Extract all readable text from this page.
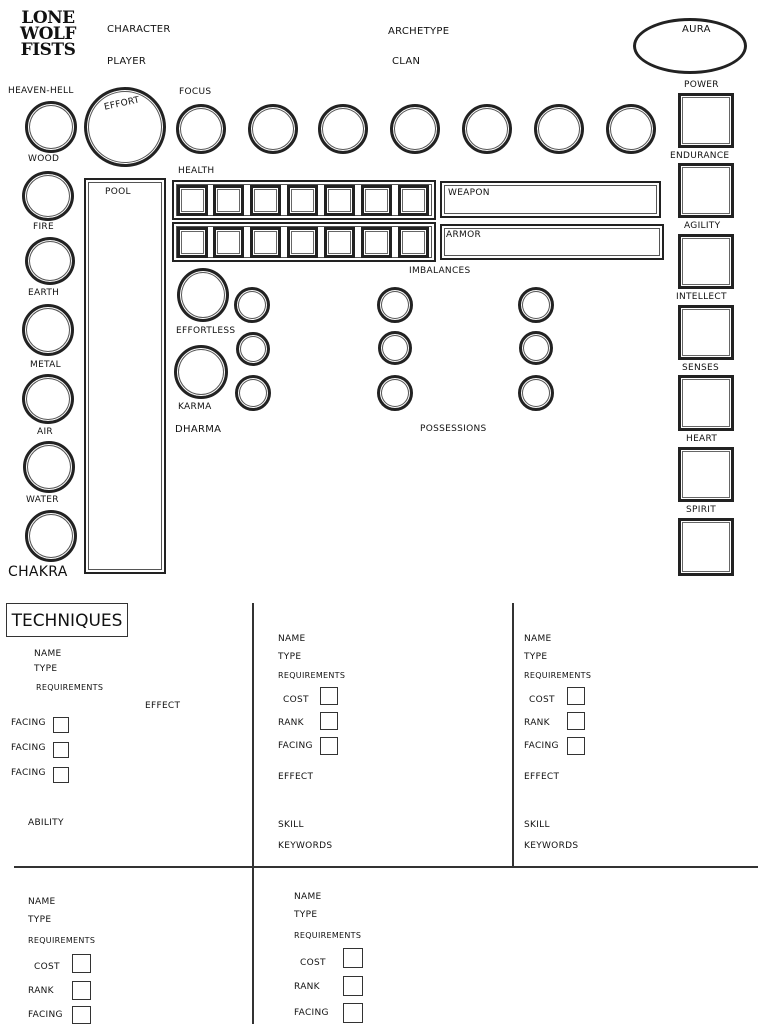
LONE
WOLF
FISTS
CHARACTER
PLAYER
ARCHETYPE
CLAN
AURA
HEAVEN-HELL
WOOD
FIRE
EARTH
METAL
AIR
WATER
CHAKRA
EFFORT
POOL
FOCUS
HEALTH
WEAPON
ARMOR
IMBALANCES
EFFORTLESS
KARMA
DHARMA	POSSESSIONS
POWER
ENDURANCE
AGILITY
INTELLECT
SENSES
HEART
SPIRIT
TECHNIQUES
NAME
TYPE
REQUIREMENTS
EFFECT
FACING
FACING
FACING
ABILITY
NAME
TYPE
REQUIREMENTS
COST
RANK
FACING
EFFECT
SKILL
KEYWORDS
NAME
TYPE
REQUIREMENTS
COST
RANK
FACING
EFFECT
SKILL
KEYWORDS
NAME
TYPE
REQUIREMENTS
COST
RANK
FACING
NAME
TYPE
REQUIREMENTS
COST
RANK
FACING
